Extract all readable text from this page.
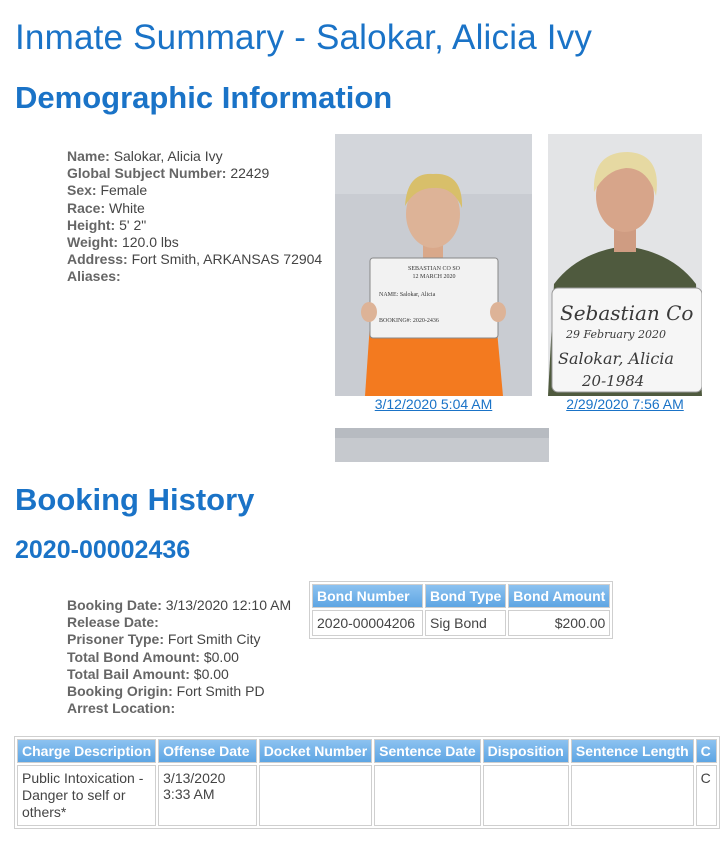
Inmate Summary - Salokar, Alicia Ivy
Demographic Information
Name: Salokar, Alicia Ivy
Global Subject Number: 22429
Sex: Female
Race: White
Height: 5' 2"
Weight: 120.0 lbs
Address: Fort Smith, ARKANSAS 72904
Aliases:	SEBASTIAN CO SO
12 MARCH 2020
NAME: Salokar, Alicia
BOOKING#: 2020-2436
3/12/2020 5:04 AM
Sebastian Co
29 February 2020
Salokar, Alicia
20-1984
2/29/2020 7:56 AM
Booking History
2020-00002436
Booking Date: 3/13/2020 12:10 AM
Release Date:
Prisoner Type: Fort Smith City
Total Bond Amount: $0.00
Total Bail Amount: $0.00
Booking Origin: Fort Smith PD
Arrest Location:
Bond Number	Bond Type	Bond Amount
2020-00004206	Sig Bond	$200.00
Charge Description	Offense Date	Docket Number	Sentence Date	Disposition	Sentence Length	C
Public Intoxication - Danger to self or others*	3/13/2020 3:33 AM					C
